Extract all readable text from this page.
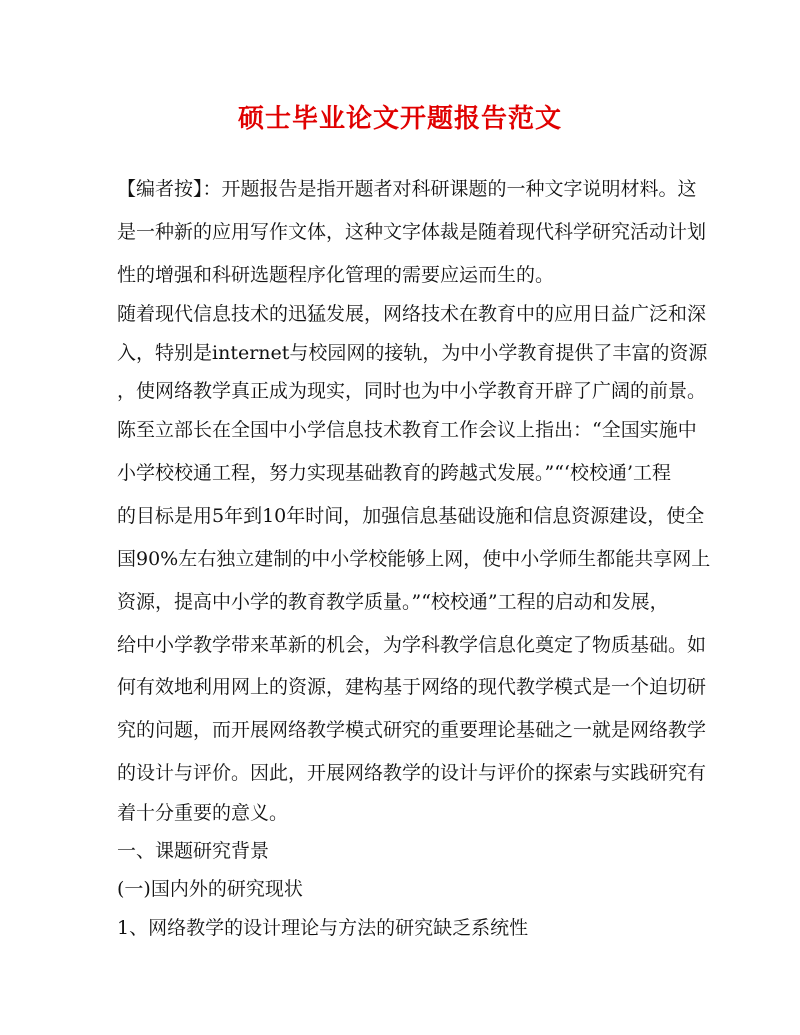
硕士毕业论文开题报告范文
【编者按】：开题报告是指开题者对科研课题的一种文字说明材料。这
是一种新的应用写作文体，这种文字体裁是随着现代科学研究活动计划
性的增强和科研选题程序化管理的需要应运而生的。
随着现代信息技术的迅猛发展，网络技术在教育中的应用日益广泛和深
入，特别是internet与校园网的接轨，为中小学教育提供了丰富的资源
，使网络教学真正成为现实，同时也为中小学教育开辟了广阔的前景。
陈至立部长在全国中小学信息技术教育工作会议上指出：“全国实施中
小学校校通工程，努力实现基础教育的跨越式发展。”“‘校校通’工程
的目标是用5年到10年时间，加强信息基础设施和信息资源建设，使全
国90%左右独立建制的中小学校能够上网，使中小学师生都能共享网上
资源，提高中小学的教育教学质量。”“校校通”工程的启动和发展，
给中小学教学带来革新的机会，为学科教学信息化奠定了物质基础。如
何有效地利用网上的资源，建构基于网络的现代教学模式是一个迫切研
究的问题，而开展网络教学模式研究的重要理论基础之一就是网络教学
的设计与评价。因此，开展网络教学的设计与评价的探索与实践研究有
着十分重要的意义。
一、课题研究背景
(一)国内外的研究现状
1、网络教学的设计理论与方法的研究缺乏系统性
